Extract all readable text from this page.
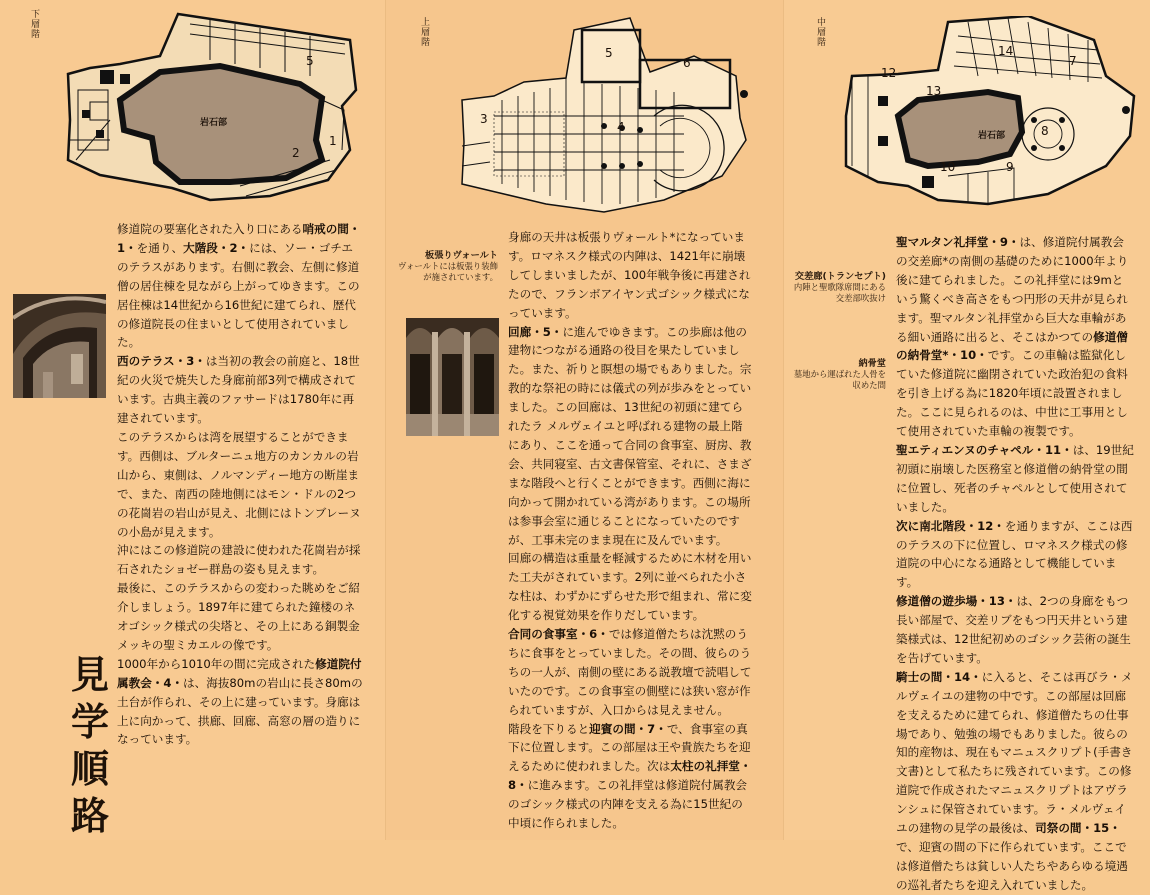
下層階
岩石部
1
2
5
見
学
順
路

修道院の要塞化された入り口にある哨戒の間・1・を通り、大階段・2・には、ソー・ゴチエのテラスがあります。右側に教会、左側に修道僧の居住棟を見ながら上がってゆきます。この居住棟は14世紀から16世紀に建てられ、歴代の修道院長の住まいとして使用されていました。

西のテラス・3・は当初の教会の前庭と、18世紀の火災で焼失した身廊前部3列で構成されています。古典主義のファサードは1780年に再建されています。

このテラスからは湾を展望することができます。西側は、ブルターニュ地方のカンカルの岩山から、東側は、ノルマンディー地方の断崖まで、また、南西の陸地側にはモン・ドルの2つの花崗岩の岩山が見え、北側にはトンブレーヌの小島が見えます。

沖にはこの修道院の建設に使われた花崗岩が採石されたショゼー群島の姿も見えます。

最後に、このテラスからの変わった眺めをご紹介しましょう。1897年に建てられた鐘楼のネオゴシック様式の尖塔と、その上にある銅製金メッキの聖ミカエルの像です。

1000年から1010年の間に完成された修道院付属教会・4・は、海抜80mの岩山に長さ80mの土台が作られ、その上に建っています。身廊は上に向かって、拱廊、回廊、高窓の層の造りになっています。

上層階
3
4
5
6
板張りヴォールト
ヴォールトには板張り装飾が施されています。

身廊の天井は板張りヴォールト*になっています。ロマネスク様式の内陣は、1421年に崩壊してしまいましたが、100年戦争後に再建されたので、フランボアイヤン式ゴシック様式になっています。

回廊・5・に進んでゆきます。この歩廊は他の建物につながる通路の役目を果たしていました。また、祈りと瞑想の場でもありました。宗教的な祭祀の時には儀式の列が歩みをとっていました。この回廊は、13世紀の初頭に建てられたラ メルヴェイユと呼ばれる建物の最上階にあり、ここを通って合同の食事室、厨房、教会、共同寝室、古文書保管室、それに、さまざまな階段へと行くことができます。西側に海に向かって開かれている湾があります。この場所は参事会室に通じることになっていたのですが、工事未完のまま現在に及んでいます。

回廊の構造は重量を軽減するために木材を用いた工夫がされています。2列に並べられた小さな柱は、わずかにずらせた形で組まれ、常に変化する視覚効果を作りだしています。

合同の食事室・6・では修道僧たちは沈黙のうちに食事をとっていました。その間、彼らのうちの一人が、南側の壁にある説教壇で読唱していたのです。この食事室の側壁には狭い窓が作られていますが、入口からは見えません。

階段を下りると迎賓の間・7・で、食事室の真下に位置します。この部屋は王や貴族たちを迎えるために使われました。次は太柱の礼拝堂・8・に進みます。この礼拝堂は修道院付属教会のゴシック様式の内陣を支える為に15世紀の中頃に作られました。

中層階
岩石部
7
8
9
10
12
13
14
交差廊(トランセプト)
内陣と聖歌隊席間にある交差部吹抜け
納骨堂
墓地から運ばれた人骨を収めた間

聖マルタン礼拝堂・9・は、修道院付属教会の交差廊*の南側の基礎のために1000年より後に建てられました。この礼拝堂には9mという驚くべき高さをもつ円形の天井が見られます。聖マルタン礼拝堂から巨大な車輪がある細い通路に出ると、そこはかつての修道僧の納骨堂*・10・です。この車輪は監獄化していた修道院に幽閉されていた政治犯の食料を引き上げる為に1820年頃に設置されました。ここに見られるのは、中世に工事用として使用されていた車輪の複製です。

聖エティエンヌのチャペル・11・は、19世紀初頭に崩壊した医務室と修道僧の納骨堂の間に位置し、死者のチャペルとして使用されていました。

次に南北階段・12・を通りますが、ここは西のテラスの下に位置し、ロマネスク様式の修道院の中心になる通路として機能しています。

修道僧の遊歩場・13・は、2つの身廊をもつ長い部屋で、交差リブをもつ円天井という建築様式は、12世紀初めのゴシック芸術の誕生を告げています。

騎士の間・14・に入ると、そこは再びラ・メルヴェイユの建物の中です。この部屋は回廊を支えるために建てられ、修道僧たちの仕事場であり、勉強の場でもありました。彼らの知的産物は、現在もマニュスクリプト(手書き文書)として私たちに残されています。この修道院で作成されたマニュスクリプトはアヴランシュに保管されています。ラ・メルヴェイユの建物の見学の最後は、司祭の間・15・で、迎賓の間の下に作られています。ここでは修道僧たちは貧しい人たちやあらゆる境遇の巡礼者たちを迎え入れていました。
